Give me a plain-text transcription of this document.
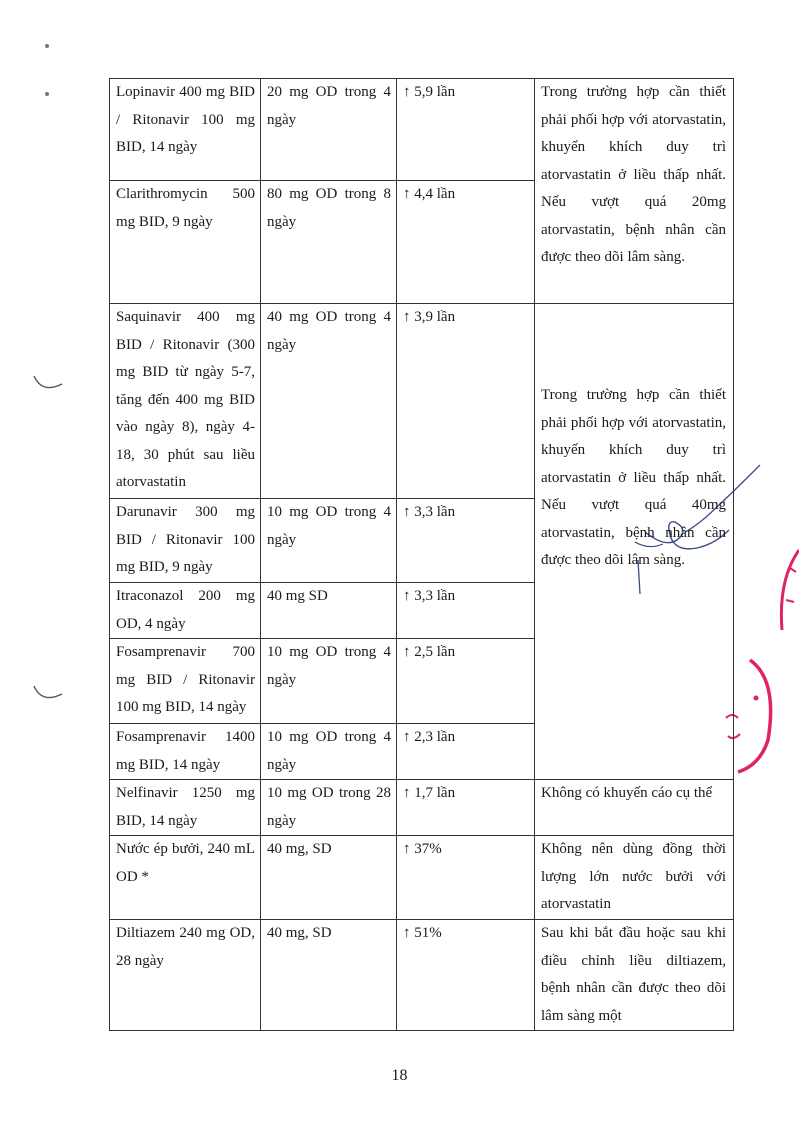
Lopinavir 400 mg BID / Ritonavir 100 mg BID, 14 ngày	20 mg OD trong 4 ngày	↑ 5,9 lần	Trong trường hợp cần thiết phải phối hợp với atorvastatin, khuyến khích duy trì atorvastatin ở liều thấp nhất. Nếu vượt quá 20mg atorvastatin, bệnh nhân cần được theo dõi lâm sàng.
Clarithromycin 500 mg BID, 9 ngày	80 mg OD trong 8 ngày	↑ 4,4 lần	
Saquinavir 400 mg BID / Ritonavir (300 mg BID từ ngày 5-7, tăng đến 400 mg BID vào ngày 8), ngày 4-18, 30 phút sau liều atorvastatin	40 mg OD trong 4 ngày	↑ 3,9 lần	Trong trường hợp cần thiết phải phối hợp với atorvastatin, khuyến khích duy trì atorvastatin ở liều thấp nhất. Nếu vượt quá 40mg atorvastatin, bệnh nhân cần được theo dõi lâm sàng.

Darunavir 300 mg BID / Ritonavir 100 mg BID, 9 ngày	10 mg OD trong 4 ngày	↑ 3,3 lần	
Itraconazol 200 mg OD, 4 ngày	40 mg SD	↑ 3,3 lần	
Fosamprenavir 700 mg BID / Ritonavir 100 mg BID, 14 ngày	10 mg OD trong 4 ngày	↑ 2,5 lần	
Fosamprenavir 1400 mg BID, 14 ngày	10 mg OD trong 4 ngày	↑ 2,3 lần	
Nelfinavir 1250 mg BID, 14 ngày	10 mg OD trong 28 ngày	↑ 1,7 lần	Không có khuyến cáo cụ thể
Nước ép bưởi, 240 mL OD *	40 mg, SD	↑ 37%	Không nên dùng đồng thời lượng lớn nước bưởi với atorvastatin
Diltiazem 240 mg OD, 28 ngày	40 mg, SD	↑ 51%	Sau khi bắt đầu hoặc sau khi điều chỉnh liều diltiazem, bệnh nhân cần được theo dõi lâm sàng một
18
